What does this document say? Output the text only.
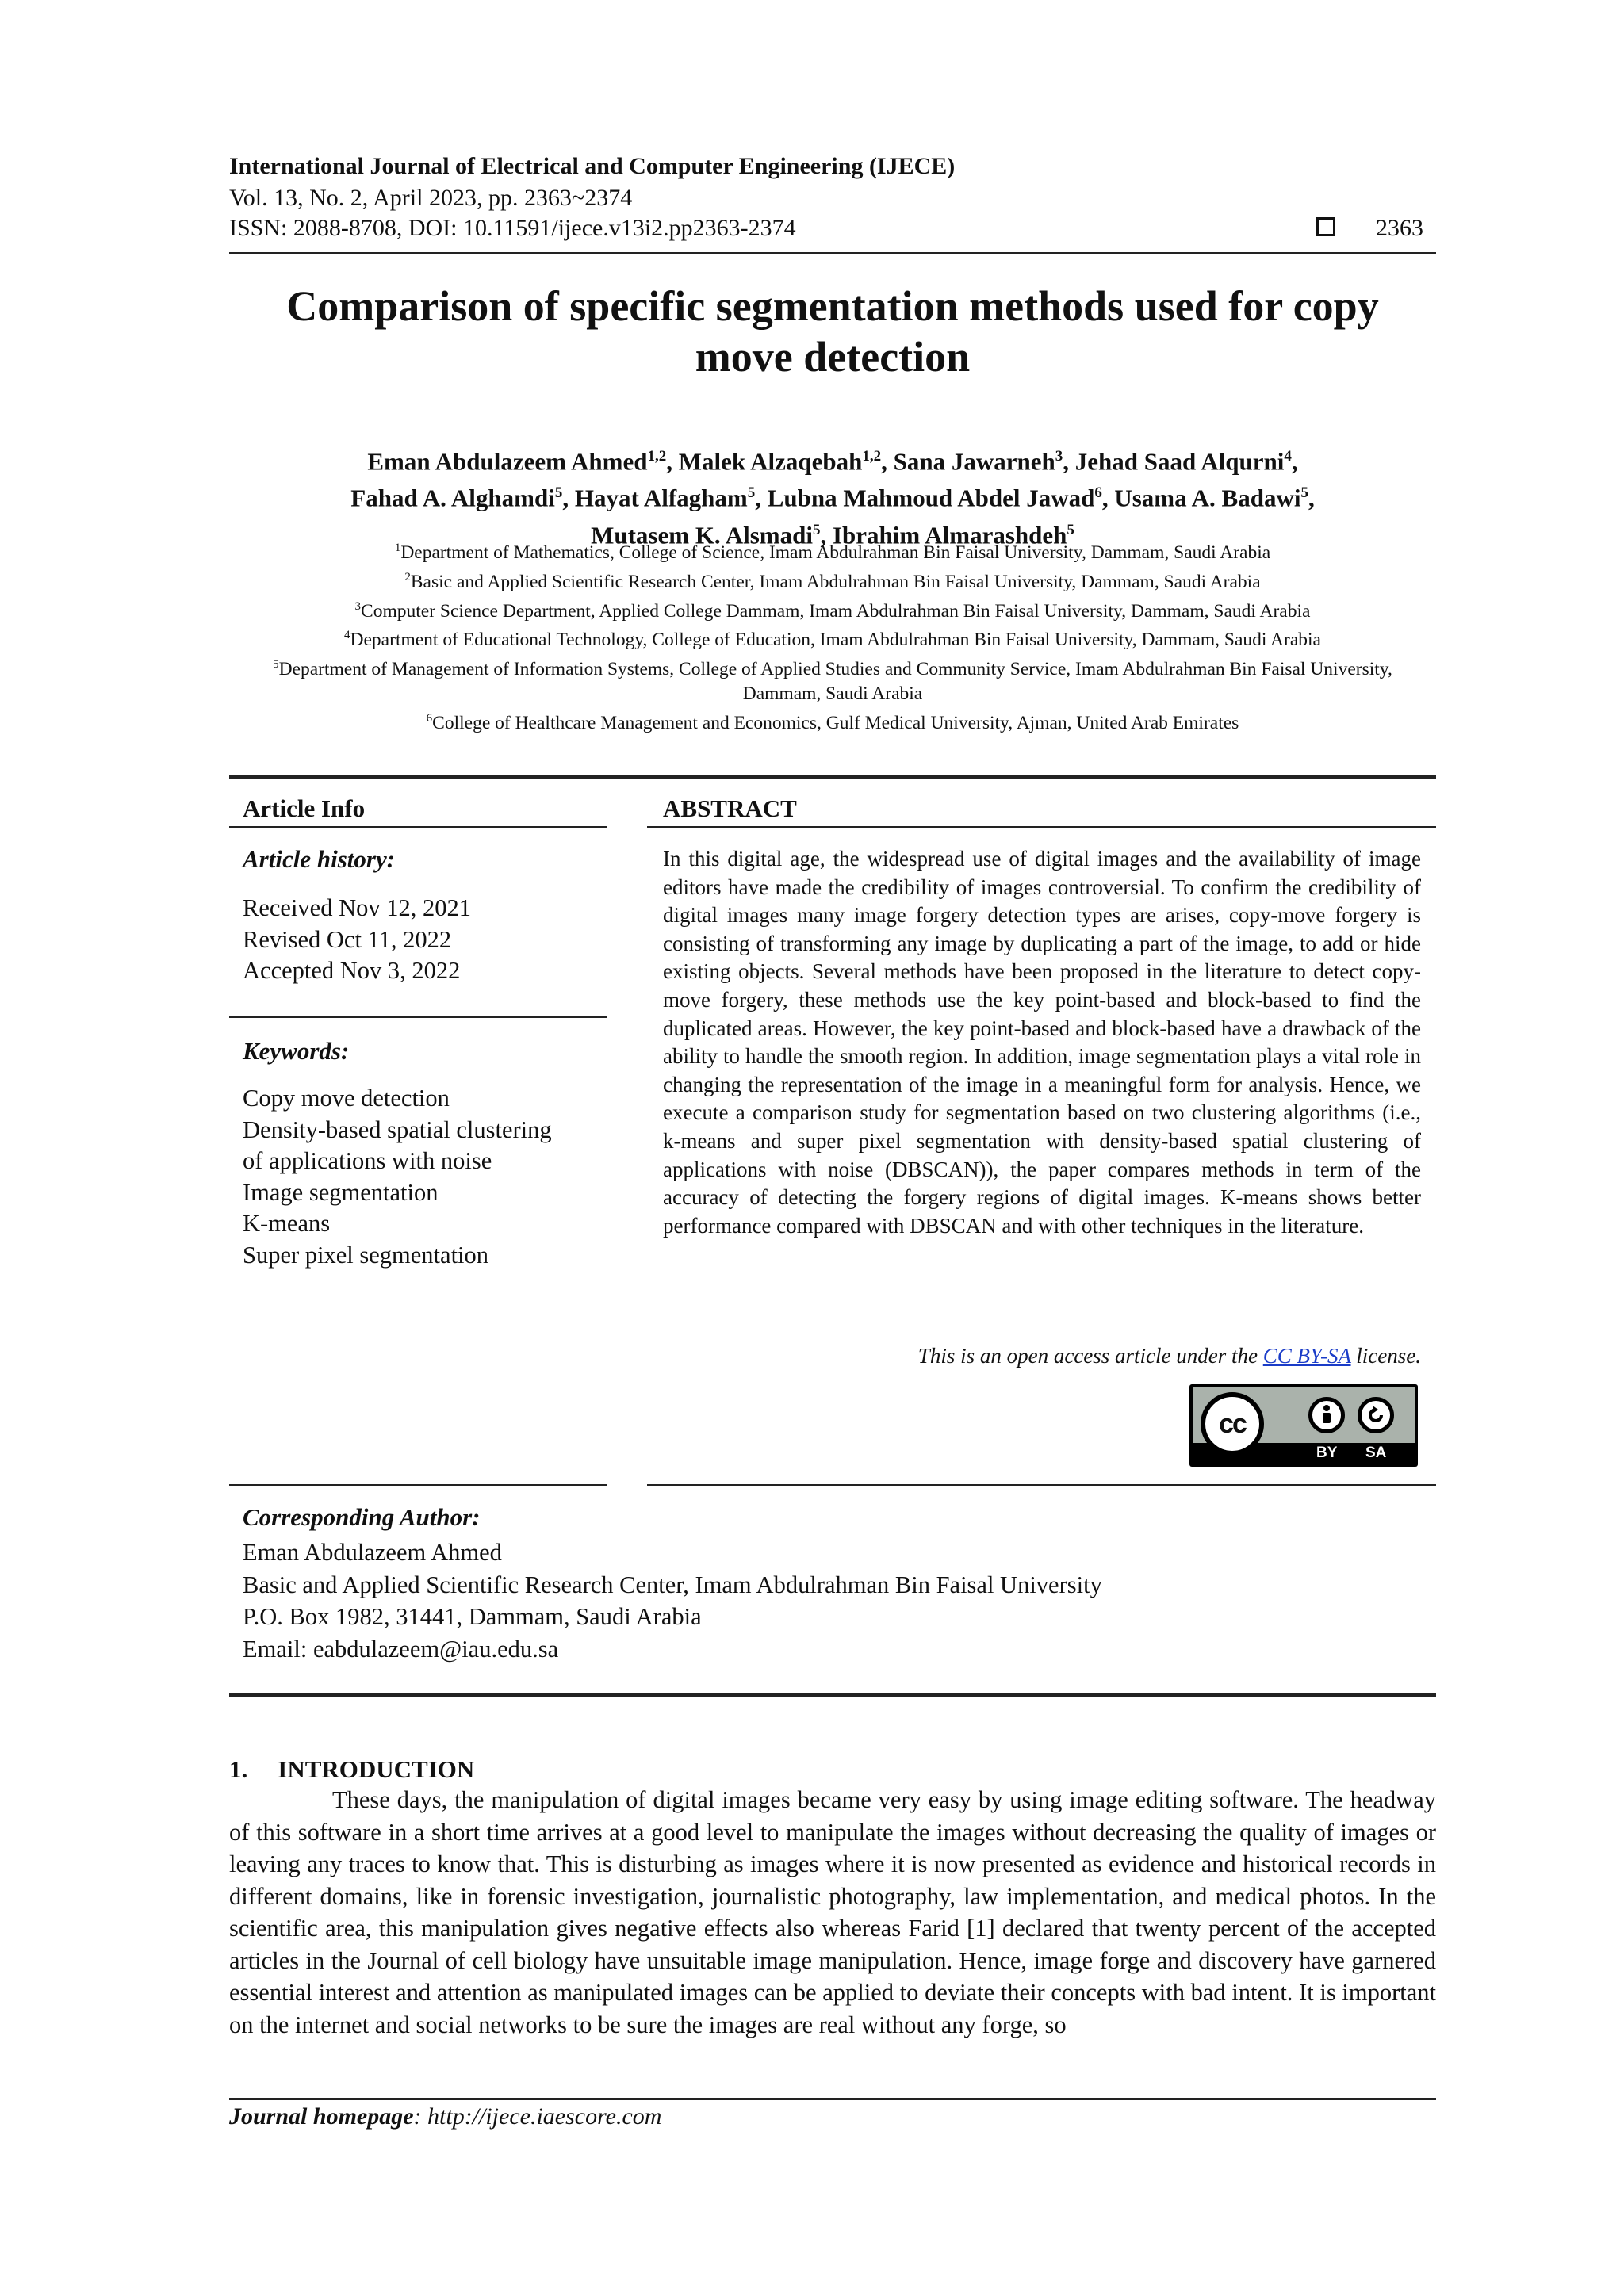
International Journal of Electrical and Computer Engineering (IJECE)
Vol. 13, No. 2, April 2023, pp. 2363~2374
ISSN: 2088-8708, DOI: 10.11591/ijece.v13i2.pp2363-2374	2363
Comparison of specific segmentation methods used for copy
move detection
Eman Abdulazeem Ahmed$^{1,2}$, Malek Alzaqebah$^{1,2}$, Sana Jawarneh$^3$, Jehad Saad Alqurni$^4$,
Fahad A. Alghamdi$^5$, Hayat Alfagham$^5$, Lubna Mahmoud Abdel Jawad$^6$, Usama A. Badawi$^5$,
Mutasem K. Alsmadi$^5$, Ibrahim Almarashdeh$^5$
$^1$Department of Mathematics, College of Science, Imam Abdulrahman Bin Faisal University, Dammam, Saudi Arabia
$^2$Basic and Applied Scientific Research Center, Imam Abdulrahman Bin Faisal University, Dammam, Saudi Arabia
$^3$Computer Science Department, Applied College Dammam, Imam Abdulrahman Bin Faisal University, Dammam, Saudi Arabia
$^4$Department of Educational Technology, College of Education, Imam Abdulrahman Bin Faisal University, Dammam, Saudi Arabia
$^5$Department of Management of Information Systems, College of Applied Studies and Community Service, Imam Abdulrahman Bin Faisal University, Dammam, Saudi Arabia
$^6$College of Healthcare Management and Economics, Gulf Medical University, Ajman, United Arab Emirates
Article Info
Article history:
Received Nov 12, 2021
Revised Oct 11, 2022
Accepted Nov 3, 2022
Keywords:
Copy move detection
Density-based spatial clustering
of applications with noise
Image segmentation
K-means
Super pixel segmentation
ABSTRACT
In this digital age, the widespread use of digital images and the availability of image editors have made the credibility of images controversial. To confirm the credibility of digital images many image forgery detection types are arises, copy-move forgery is consisting of transforming any image by duplicating a part of the image, to add or hide existing objects. Several methods have been proposed in the literature to detect copy-move forgery, these methods use the key point-based and block-based to find the duplicated areas. However, the key point-based and block-based have a drawback of the ability to handle the smooth region. In addition, image segmentation plays a vital role in changing the representation of the image in a meaningful form for analysis. Hence, we execute a comparison study for segmentation based on two clustering algorithms (i.e., k-means and super pixel segmentation with density-based spatial clustering of applications with noise (DBSCAN)), the paper compares methods in term of the accuracy of detecting the forgery regions of digital images. K-means shows better performance compared with DBSCAN and with other techniques in the literature.
This is an open access article under the CC BY-SA license.
cc
BY SA
Corresponding Author:
Eman Abdulazeem Ahmed
Basic and Applied Scientific Research Center, Imam Abdulrahman Bin Faisal University
P.O. Box 1982, 31441, Dammam, Saudi Arabia
Email: eabdulazeem@iau.edu.sa
1. INTRODUCTION
These days, the manipulation of digital images became very easy by using image editing software. The headway of this software in a short time arrives at a good level to manipulate the images without decreasing the quality of images or leaving any traces to know that. This is disturbing as images where it is now presented as evidence and historical records in different domains, like in forensic investigation, journalistic photography, law implementation, and medical photos. In the scientific area, this manipulation gives negative effects also whereas Farid [1] declared that twenty percent of the accepted articles in the Journal of cell biology have unsuitable image manipulation. Hence, image forge and discovery have garnered essential interest and attention as manipulated images can be applied to deviate their concepts with bad intent. It is important on the internet and social networks to be sure the images are real without any forge, so
Journal homepage: http://ijece.iaescore.com
